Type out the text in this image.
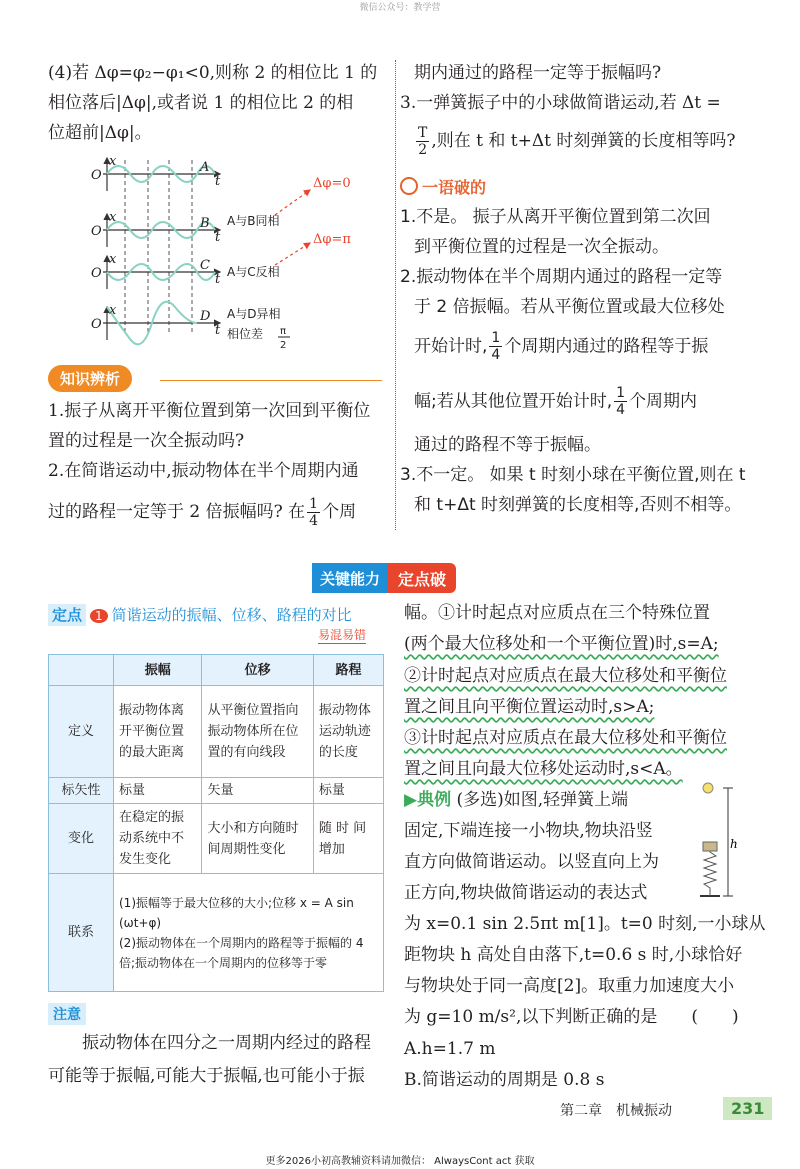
微信公众号：教学营
(4)若 Δφ=φ₂−φ₁<0,则称 2 的相位比 1 的
相位落后|Δφ|,或者说 1 的相位比 2 的相
位超前|Δφ|。
x
O	t
A
x
O	t
B
x
O	t
C
x
O	t
D
A与B同相
A与C反相
A与D异相
相位差 π
2
Δφ=0
Δφ=π
知识辨析
1.振子从离开平衡位置到第一次回到平衡位
置的过程是一次全振动吗?
2.在简谐运动中,振动物体在半个周期内通
过的路程一定等于 2 倍振幅吗? 在 $\frac{1}{4}$ 个周
期内通过的路程一定等于振幅吗?
3.一弹簧振子中的小球做简谐运动,若 Δt =
$\frac{T}{2}$ ,则在 t 和 t+Δt 时刻弹簧的长度相等吗?
一语破的
1.不是。 振子从离开平衡位置到第二次回
到平衡位置的过程是一次全振动。
2.振动物体在半个周期内通过的路程一定等
于 2 倍振幅。若从平衡位置或最大位移处
开始计时, $\frac{1}{4}$ 个周期内通过的路程等于振
幅;若从其他位置开始计时, $\frac{1}{4}$ 个周期内
通过的路程不等于振幅。
3.不一定。 如果 t 时刻小球在平衡位置,则在 t
和 t+Δt 时刻弹簧的长度相等,否则不相等。
关键能力	定点破
定点 1 简谐运动的振幅、位移、路程的对比
易混易错
	振幅	位移	路程
定义	振动物体离开平衡位置的最大距离	从平衡位置指向振动物体所在位置的有向线段	振动物体运动轨迹的长度
标矢性	标量	矢量	标量
变化	在稳定的振动系统中不发生变化	大小和方向随时间周期性变化	随 时 间 增加
联系	(1)振幅等于最大位移的大小;位移 x = A sin (ωt+φ)
(2)振动物体在一个周期内的路程等于振幅的 4 倍;振动物体在一个周期内的位移等于零		
注意
振动物体在四分之一周期内经过的路程
可能等于振幅,可能大于振幅,也可能小于振
幅。①计时起点对应质点在三个特殊位置
(两个最大位移处和一个平衡位置)时,s=A;
②计时起点对应质点在最大位移处和平衡位
置之间且向平衡位置运动时,s>A;
③计时起点对应质点在最大位移处和平衡位
置之间且向最大位移处运动时,s<A。
▶典例 (多选)如图,轻弹簧上端
固定,下端连接一小物块,物块沿竖
直方向做简谐运动。以竖直向上为
正方向,物块做简谐运动的表达式
为 x=0.1 sin 2.5πt m[1]。t=0 时刻,一小球从
距物块 h 高处自由落下,t=0.6 s 时,小球恰好
与物块处于同一高度[2]。取重力加速度大小
为 g=10 m/s²,以下判断正确的是　　(　　)
A.h=1.7 m
B.简谐运动的周期是 0.8 s
h
第二章　机械振动	231
更多2026小初高教辅资料请加微信： AlwaysCont act 获取
